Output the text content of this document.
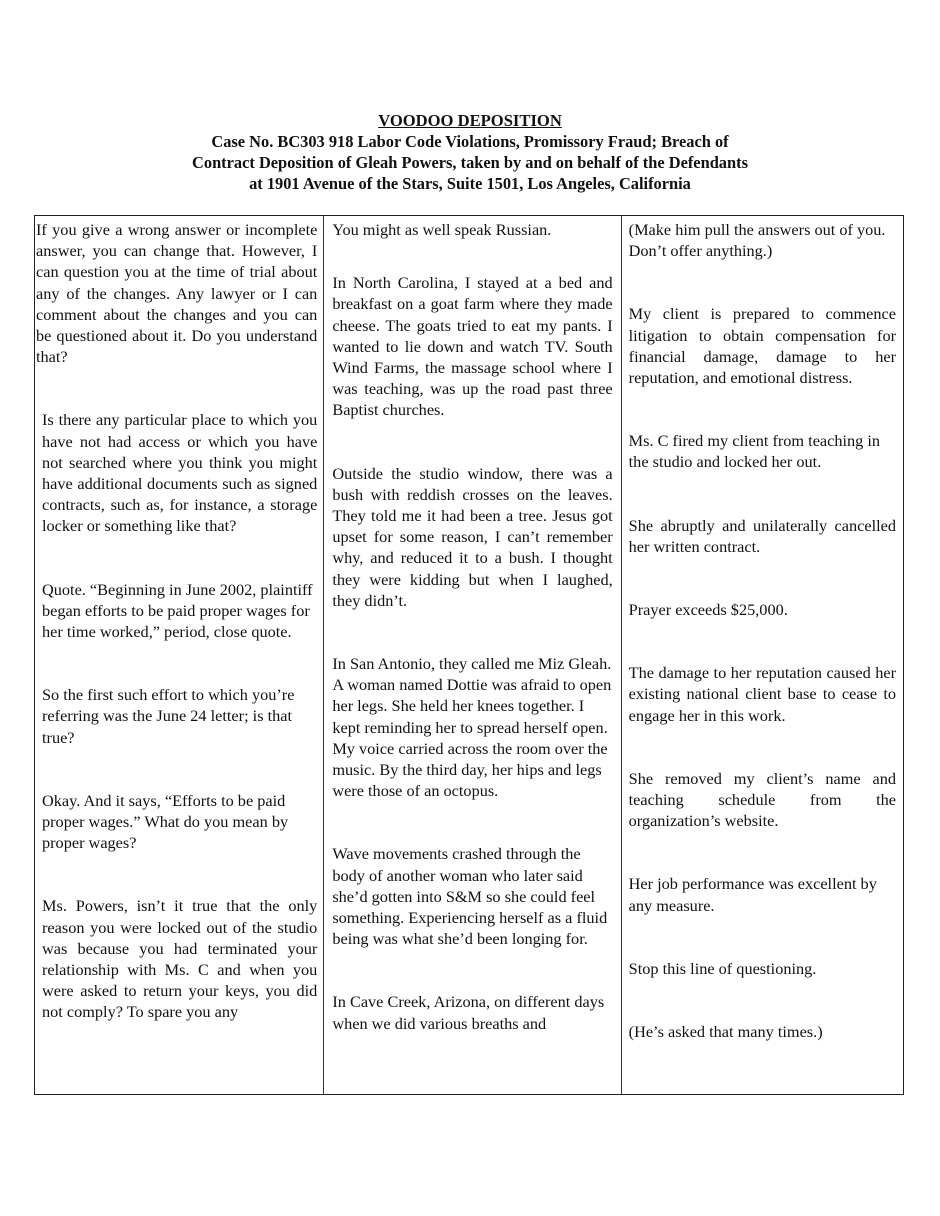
VOODOO DEPOSITION
Case No. BC303 918 Labor Code Violations, Promissory Fraud; Breach of
Contract Deposition of Gleah Powers, taken by and on behalf of the Defendants
at 1901 Avenue of the Stars, Suite 1501, Los Angeles, California

If you give a wrong answer or incomplete answer, you can change that. However, I can question you at the time of trial about any of the changes. Any lawyer or I can comment about the changes and you can be questioned about it. Do you understand that?

Is there any particular place to which you have not had access or which you have not searched where you think you might have additional documents such as signed contracts, such as, for instance, a storage locker or something like that?

Quote. “Beginning in June 2002, plaintiff began efforts to be paid proper wages for her time worked,” period, close quote.

So the first such effort to which you’re referring was the June 24 letter; is that true?

Okay. And it says, “Efforts to be paid proper wages.” What do you mean by proper wages?

Ms. Powers, isn’t it true that the only reason you were locked out of the studio was because you had terminated your relationship with Ms. C and when you were asked to return your keys, you did not comply? To spare you any

You might as well speak Russian.

In North Carolina, I stayed at a bed and breakfast on a goat farm where they made cheese. The goats tried to eat my pants. I wanted to lie down and watch TV. South Wind Farms, the massage school where I was teaching, was up the road past three Baptist churches.

Outside the studio window, there was a bush with reddish crosses on the leaves. They told me it had been a tree. Jesus got upset for some reason, I can’t remember why, and reduced it to a bush. I thought they were kidding but when I laughed, they didn’t.

In San Antonio, they called me Miz Gleah. A woman named Dottie was afraid to open her legs. She held her knees together. I kept reminding her to spread herself open. My voice carried across the room over the music. By the third day, her hips and legs were those of an octopus.

Wave movements crashed through the body of another woman who later said she’d gotten into S&M so she could feel something. Experiencing herself as a fluid being was what she’d been longing for.

In Cave Creek, Arizona, on different days when we did various breaths and

(Make him pull the answers out of you. Don’t offer anything.)

My client is prepared to commence litigation to obtain compensation for financial damage, damage to her reputation, and emotional distress.

Ms. C fired my client from teaching in the studio and locked her out.

She abruptly and unilaterally cancelled her written contract.

Prayer exceeds $25,000.

The damage to her reputation caused her existing national client base to cease to engage her in this work.

She removed my client’s name and teaching schedule from the organization’s website.

Her job performance was excellent by any measure.

Stop this line of questioning.

(He’s asked that many times.)
